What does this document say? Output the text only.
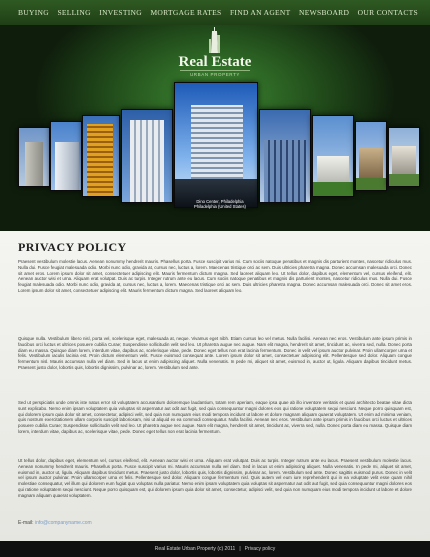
BUYING SELLING INVESTING MORTGAGE RATES FIND AN AGENT NEWSBOARD OUR CONTACTS
Real Estate
URBAN PROPERTY
Dino Center, Philadelphia
Philadelphia (United States)
PRIVACY POLICY

Praesent vestibulum molestie lacus. Aenean nonummy hendrerit mauris. Phasellus porta. Fusce suscipit varius mi. Cum sociis natoque penatibus et magnis dis parturient montes, nascetur ridiculus mus. Nulla dui. Fusce feugiat malesuada odio. Morbi nunc odio, gravida at, cursus nec, luctus a, lorem. Maecenas tristique orci ac sem. Duis ultricies pharetra magna. Donec accumsan malesuada orci. Donec sit amet eros. Lorem ipsum dolor sit amet, consectetuer adipiscing elit. Mauris fermentum dictum magna. Sed laoreet aliquam leo. Ut tellus dolor, dapibus eget, elementum vel, cursus eleifend, elit. Aenean auctor wisi et urna. Aliquam erat volutpat. Duis ac turpis. Integer rutrum ante eu lacus. Cum sociis natoque penatibus et magnis dis parturient montes, nascetur ridiculus mus. Nulla dui. Fusce feugiat malesuada odio. Morbi nunc odio, gravida at, cursus nec, luctus a, lorem. Maecenas tristique orci ac sem. Duis ultricies pharetra magna. Donec accumsan malesuada orci. Donec sit amet eros. Lorem ipsum dolor sit amet, consectetuer adipiscing elit. Mauris fermentum dictum magna. Sed laoreet aliquam leo.

Quisque nulla. Vestibulum libero nisl, porta vel, scelerisque eget, malesuada at, neque. Vivamus eget nibh. Etiam cursus leo vel metus. Nulla facilisi. Aenean nec eros. Vestibulum ante ipsum primis in faucibus orci luctus et ultrices posuere cubilia Curae; Suspendisse sollicitudin velit sed leo. Ut pharetra augue nec augue. Nam elit magna, hendrerit sit amet, tincidunt ac, viverra sed, nulla. Donec porta diam eu massa. Quisque diam lorem, interdum vitae, dapibus ac, scelerisque vitae, pede. Donec eget tellus non erat lacinia fermentum. Donec in velit vel ipsum auctor pulvinar. Proin ullamcorper urna et felis. Vestibulum iaculis lacinia est. Proin dictum elementum velit. Fusce euismod consequat ante. Lorem ipsum dolor sit amet, consectetuer adipiscing elit. Pellentesque sed dolor. Aliquam congue fermentum nisl. Mauris accumsan nulla vel diam. Sed in lacus ut enim adipiscing aliquet. Nulla venenatis. In pede mi, aliquet sit amet, euismod in, auctor ut, ligula. Aliquam dapibus tincidunt metus. Praesent justo dolor, lobortis quis, lobortis dignissim, pulvinar ac, lorem. Vestibulum sed ante.

Sed ut perspiciatis unde omnis iste natus error sit voluptatem accusantium doloremque laudantium, totam rem aperiam, eaque ipsa quae ab illo inventore veritatis et quasi architecto beatae vitae dicta sunt explicabo. Nemo enim ipsam voluptatem quia voluptas sit aspernatur aut odit aut fugit, sed quia consequuntur magni dolores eos qui ratione voluptatem sequi nesciunt. Neque porro quisquam est, qui dolorem ipsum quia dolor sit amet, consectetur, adipisci velit, sed quia non numquam eius modi tempora incidunt ut labore et dolore magnam aliquam quaerat voluptatem. Ut enim ad minima veniam, quis nostrum exercitationem ullam corporis suscipit laboriosam, nisi ut aliquid ex ea commodi consequatur. Nulla facilisi. Aenean nec eros. Vestibulum ante ipsum primis in faucibus orci luctus et ultrices posuere cubilia Curae; Suspendisse sollicitudin velit sed leo. Ut pharetra augue nec augue. Nam elit magna, hendrerit sit amet, tincidunt ac, viverra sed, nulla. Donec porta diam eu massa. Quisque diam lorem, interdum vitae, dapibus ac, scelerisque vitae, pede. Donec eget tellus non erat lacinia fermentum.

Ut tellus dolor, dapibus eget, elementum vel, cursus eleifend, elit. Aenean auctor wisi et urna. Aliquam erat volutpat. Duis ac turpis. Integer rutrum ante eu lacus. Praesent vestibulum molestie lacus. Aenean nonummy hendrerit mauris. Phasellus porta. Fusce suscipit varius mi. Mauris accumsan nulla vel diam. Sed in lacus ut enim adipiscing aliquet. Nulla venenatis. In pede mi, aliquet sit amet, euismod in, auctor ut, ligula. Aliquam dapibus tincidunt metus. Praesent justo dolor, lobortis quis, lobortis dignissim, pulvinar ac, lorem. Vestibulum sed ante. Donec sagittis euismod purus. Donec in velit vel ipsum auctor pulvinar. Proin ullamcorper urna et felis. Pellentesque sed dolor. Aliquam congue fermentum nisl. Quis autem vel eum iure reprehenderit qui in ea voluptate velit esse quam nihil molestiae consequatur, vel illum qui dolorem eum fugiat quo voluptas nulla pariatur. Nemo enim ipsam voluptatem quia voluptas sit aspernatur aut odit aut fugit, sed quia consequuntur magni dolores eos qui ratione voluptatem sequi nesciunt. Neque porro quisquam est, qui dolorem ipsum quia dolor sit amet, consectetur, adipisci velit, sed quia non numquam eius modi tempora incidunt ut labore et dolore magnam aliquam quaerat voluptatem.

E-mail: info@companyname.com
Real Estate Urban Property (c) 2011 | Privacy policy
